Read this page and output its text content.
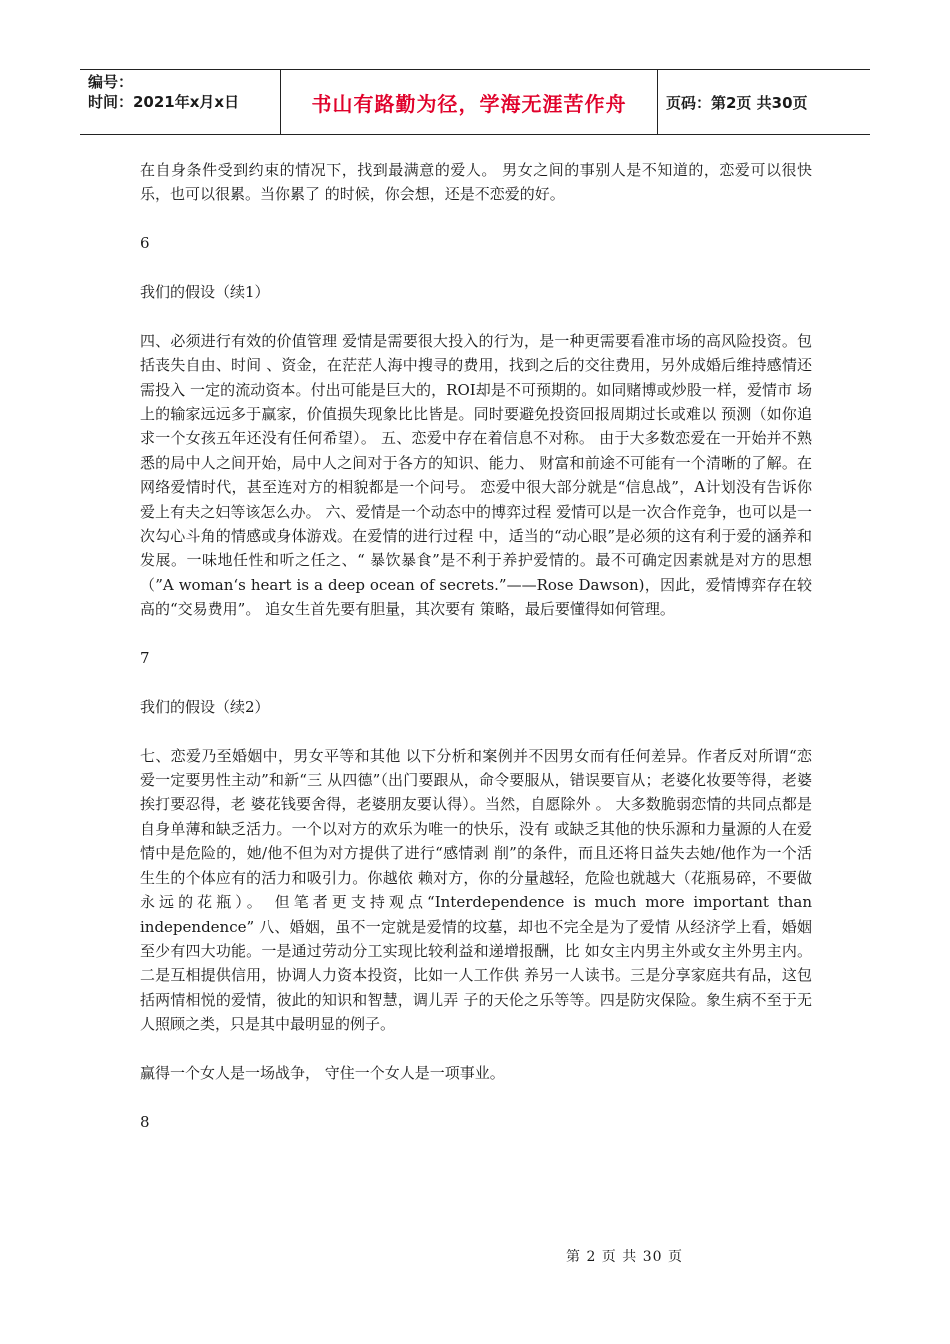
编号：
时间：2021年x月x日	书山有路勤为径，学海无涯苦作舟	页码：第2页 共30页

在自身条件受到约束的情况下，找到最满意的爱人。 男女之间的事别人是不知道的，恋爱可以很快乐，也可以很累。当你累了 的时候，你会想，还是不恋爱的好。

6

我们的假设（续1）

四、必须进行有效的价值管理 爱情是需要很大投入的行为，是一种更需要看准市场的高风险投资。包括丧失自由、时间 、资金，在茫茫人海中搜寻的费用，找到之后的交往费用，另外成婚后维持感情还需投入 一定的流动资本。付出可能是巨大的，ROI却是不可预期的。如同赌博或炒股一样，爱情市 场上的输家远远多于赢家，价值损失现象比比皆是。同时要避免投资回报周期过长或难以 预测（如你追求一个女孩五年还没有任何希望）。 五、恋爱中存在着信息不对称。 由于大多数恋爱在一开始并不熟悉的局中人之间开始，局中人之间对于各方的知识、能力、 财富和前途不可能有一个清晰的了解。在网络爱情时代，甚至连对方的相貌都是一个问号。 恋爱中很大部分就是“信息战”，A计划没有告诉你爱上有夫之妇等该怎么办。 六、爱情是一个动态中的博弈过程 爱情可以是一次合作竞争，也可以是一次勾心斗角的情感或身体游戏。在爱情的进行过程 中，适当的“动心眼”是必须的这有利于爱的涵养和发展。一味地任性和听之任之、“ 暴饮暴食”是不利于养护爱情的。最不可确定因素就是对方的思想（”A woman‘s heart is a deep ocean of secrets.”——Rose Dawson)，因此，爱情博弈存在较高的“交易费用”。 追女生首先要有胆量，其次要有 策略，最后要懂得如何管理。

7

我们的假设（续2）

七、恋爱乃至婚姻中，男女平等和其他 以下分析和案例并不因男女而有任何差异。作者反对所谓“恋爱一定要男性主动”和新“三 从四德”（出门要跟从，命令要服从，错误要盲从；老婆化妆要等得，老婆挨打要忍得，老 婆花钱要舍得，老婆朋友要认得）。当然，自愿除外 。 大多数脆弱恋情的共同点都是自身单薄和缺乏活力。一个以对方的欢乐为唯一的快乐，没有 或缺乏其他的快乐源和力量源的人在爱情中是危险的，她/他不但为对方提供了进行“感情剥 削”的条件，而且还将日益失去她/他作为一个活生生的个体应有的活力和吸引力。你越依 赖对方，你的分量越轻，危险也就越大（花瓶易碎，不要做永远的花瓶）。 但笔者更支持观点“Interdependence is much more important than independence” 八、婚姻，虽不一定就是爱情的坟墓，却也不完全是为了爱情 从经济学上看，婚姻至少有四大功能。一是通过劳动分工实现比较利益和递增报酬，比 如女主内男主外或女主外男主内。二是互相提供信用，协调人力资本投资，比如一人工作供 养另一人读书。三是分享家庭共有品，这包括两情相悦的爱情，彼此的知识和智慧，调儿弄 子的天伦之乐等等。四是防灾保险。象生病不至于无人照顾之类，只是其中最明显的例子。

赢得一个女人是一场战争， 守住一个女人是一项事业。

8

第 2 页 共 30 页
